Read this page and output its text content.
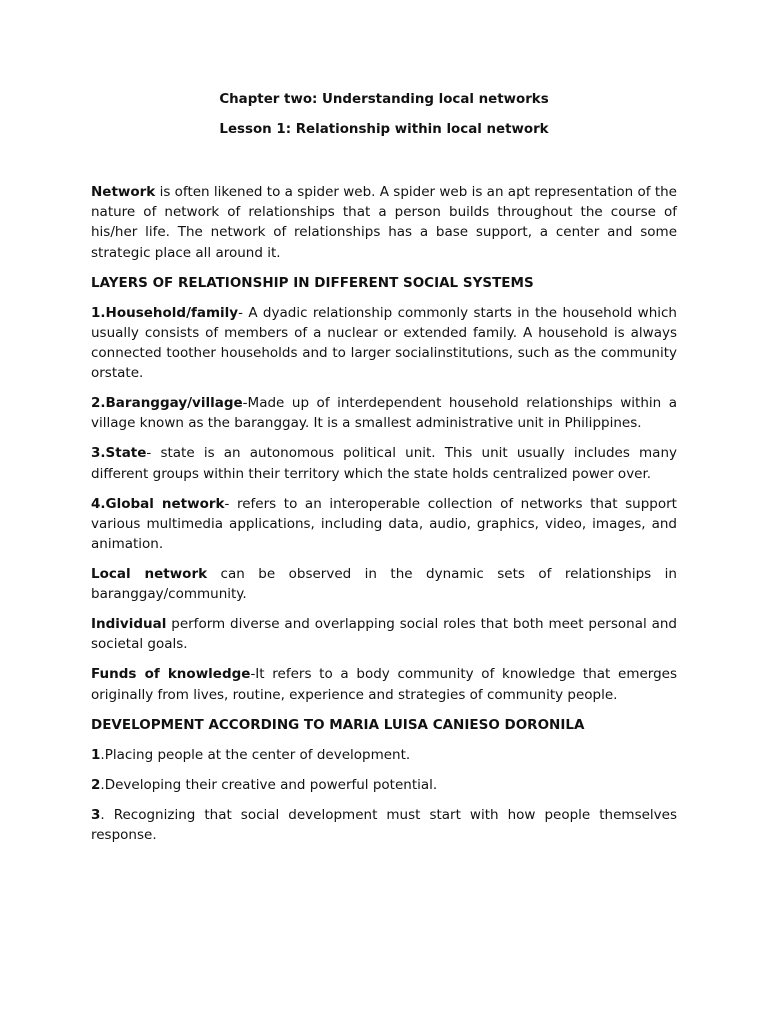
Chapter two: Understanding local networks
Lesson 1: Relationship within local network

Network is often likened to a spider web. A spider web is an apt representation of the nature of network of relationships that a person builds throughout the course of his/her life. The network of relationships has a base support, a center and some strategic place all around it.

LAYERS OF RELATIONSHIP IN DIFFERENT SOCIAL SYSTEMS

1.Household/family- A dyadic relationship commonly starts in the household which usually consists of members of a nuclear or extended family. A household is always connected toother households and to larger socialinstitutions, such as the community orstate.

2.Baranggay/village-Made up of interdependent household relationships within a village known as the baranggay. It is a smallest administrative unit in Philippines.

3.State- state is an autonomous political unit. This unit usually includes many different groups within their territory which the state holds centralized power over.

4.Global network- refers to an interoperable collection of networks that support various multimedia applications, including data, audio, graphics, video, images, and animation.

Local network can be observed in the dynamic sets of relationships in baranggay/community.

Individual perform diverse and overlapping social roles that both meet personal and societal goals.

Funds of knowledge-It refers to a body community of knowledge that emerges originally from lives, routine, experience and strategies of community people.

DEVELOPMENT ACCORDING TO MARIA LUISA CANIESO DORONILA

1.Placing people at the center of development.

2.Developing their creative and powerful potential.

3. Recognizing that social development must start with how people themselves response.
